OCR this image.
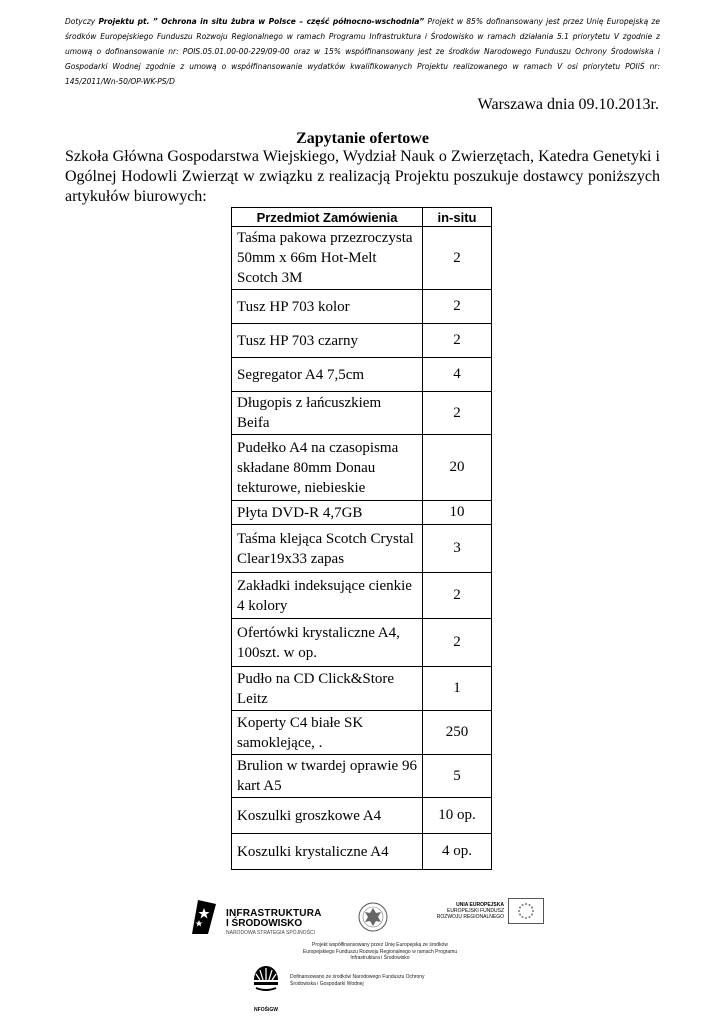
Dotyczy Projektu pt. ” Ochrona in situ żubra w Polsce – część północno-wschodnia” Projekt w 85% dofinansowany jest przez Unię Europejską ze środków Europejskiego Funduszu Rozwoju Regionalnego w ramach Programu Infrastruktura i Środowisko w ramach działania 5.1 priorytetu V zgodnie z umową o dofinansowanie nr: POIS.05.01.00-00-229/09-00 oraz w 15% współfinansowany jest ze środków Narodowego Funduszu Ochrony Środowiska i Gospodarki Wodnej zgodnie z umową o współfinansowanie wydatków kwalifikowanych Projektu realizowanego w ramach V osi priorytetu POIiŚ nr: 145/2011/Wn-50/OP-WK-PS/D
Warszawa dnia 09.10.2013r.
Zapytanie ofertowe
Szkoła Główna Gospodarstwa Wiejskiego, Wydział Nauk o Zwierzętach, Katedra Genetyki i Ogólnej Hodowli Zwierząt w związku z realizacją Projektu poszukuje dostawcy poniższych artykułów biurowych:
Przedmiot Zamówienia	in-situ
Taśma pakowa przezroczysta 50mm x 66m Hot-Melt Scotch 3M	2
Tusz HP 703 kolor	2
Tusz HP 703 czarny	2
Segregator A4 7,5cm	4
Długopis z łańcuszkiem Beifa	2
Pudełko A4 na czasopisma składane 80mm Donau tekturowe, niebieskie	20
Płyta DVD-R 4,7GB	10
Taśma klejąca Scotch Crystal Clear19x33 zapas	3
Zakładki indeksujące cienkie 4 kolory	2
Ofertówki krystaliczne A4, 100szt. w op.	2
Pudło na CD Click&Store Leitz	1
Koperty C4 białe SK samoklejące, .	250
Brulion w twardej oprawie 96 kart A5	5
Koszulki groszkowe A4	10 op.
Koszulki krystaliczne A4	4 op.
INFRASTRUKTURA
I ŚRODOWISKO
NARODOWA STRATEGIA SPÓJNOŚCI
UNIA EUROPEJSKA
EUROPEJSKI FUNDUSZ
ROZWOJU REGIONALNEGO
Projekt współfinansowany przez Unię Europejską ze środków Europejskiego Funduszu Rozwoju Regionalnego w ramach Programu Infrastruktura i Środowisko
NFOŚiGW
Dofinansowano ze środków Narodowego Funduszu Ochrony Środowiska i Gospodarki Wodnej
